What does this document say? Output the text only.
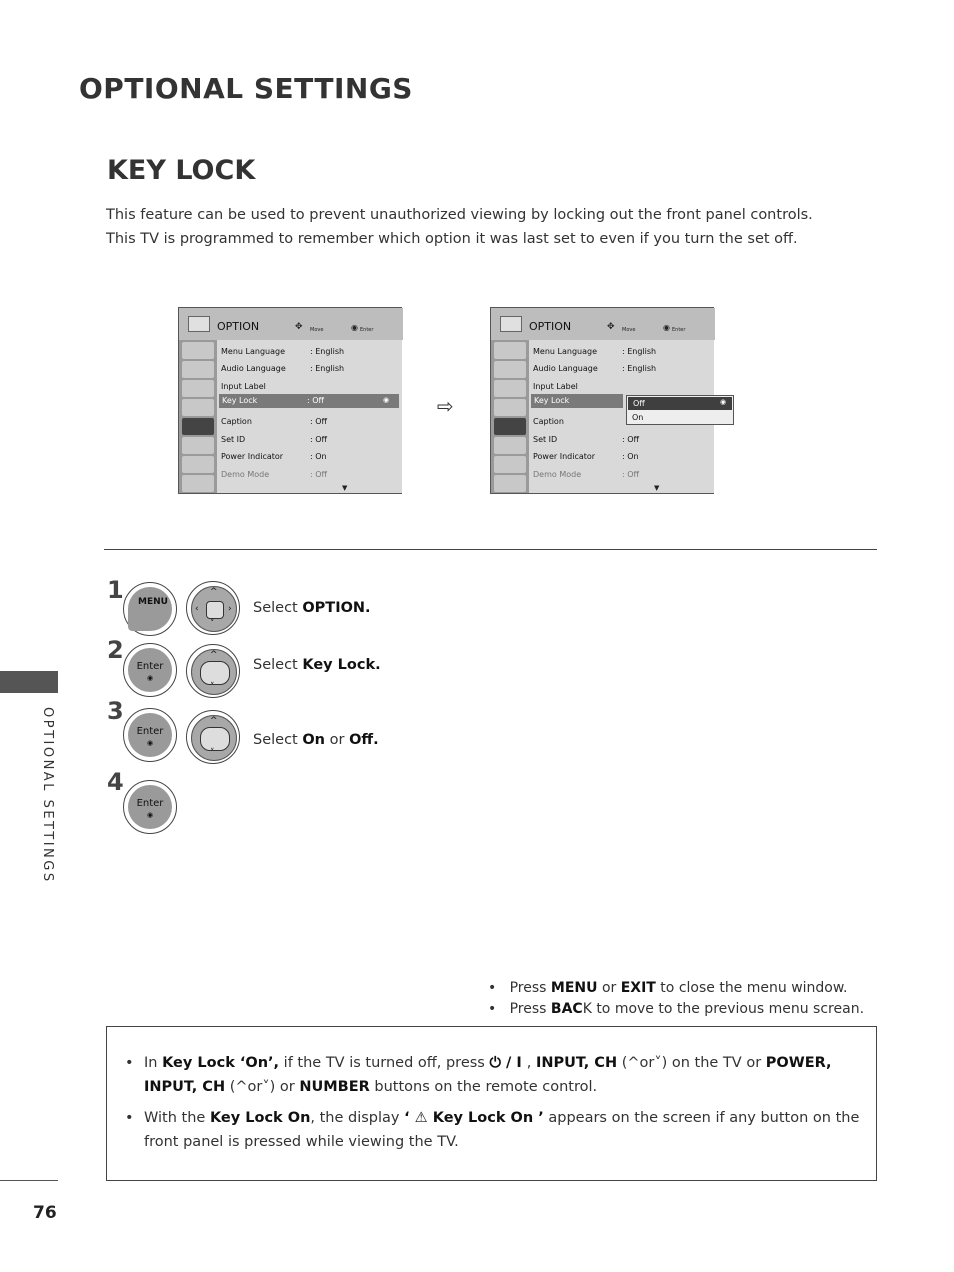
OPTIONAL SETTINGS
KEY LOCK
This feature can be used to prevent unauthorized viewing by locking out the front panel controls.
This TV is programmed to remember which option it was last set to even if you turn the set off.
OPTION	✥ Move	◉ Enter
Menu Language	: English
Audio Language	: English
Input Label
Key Lock	: Off	◉
Caption	: Off
Set ID	: Off
Power Indicator	: On
Demo Mode	: Off
▼
⇨
OPTION	✥ Move	◉ Enter
Menu Language	: English
Audio Language	: English
Input Label
Key Lock
Caption
Set ID	: Off
Power Indicator	: On
Demo Mode	: Off
▼
Off	◉
On
1 MENU
^
˅
‹	› Select OPTION.
2
Enter
◉
^
˅
Select Key Lock.
3
Enter
◉
^
˅
Select On or Off.
4
Enter
◉
•   Press MENU or EXIT to close the menu window.
•   Press BACK to move to the previous menu screan.
• In Key Lock ‘On’, if the TV is turned off, press ⏻ / I , INPUT, CH (^or˅) on the TV or POWER, INPUT, CH (^or˅) or NUMBER buttons on the remote control.
• With the Key Lock On, the display ‘ ⚠ Key Lock On ’ appears on the screen if any button on the
front panel is pressed while viewing the TV.
OPTIONAL SETTINGS
76
